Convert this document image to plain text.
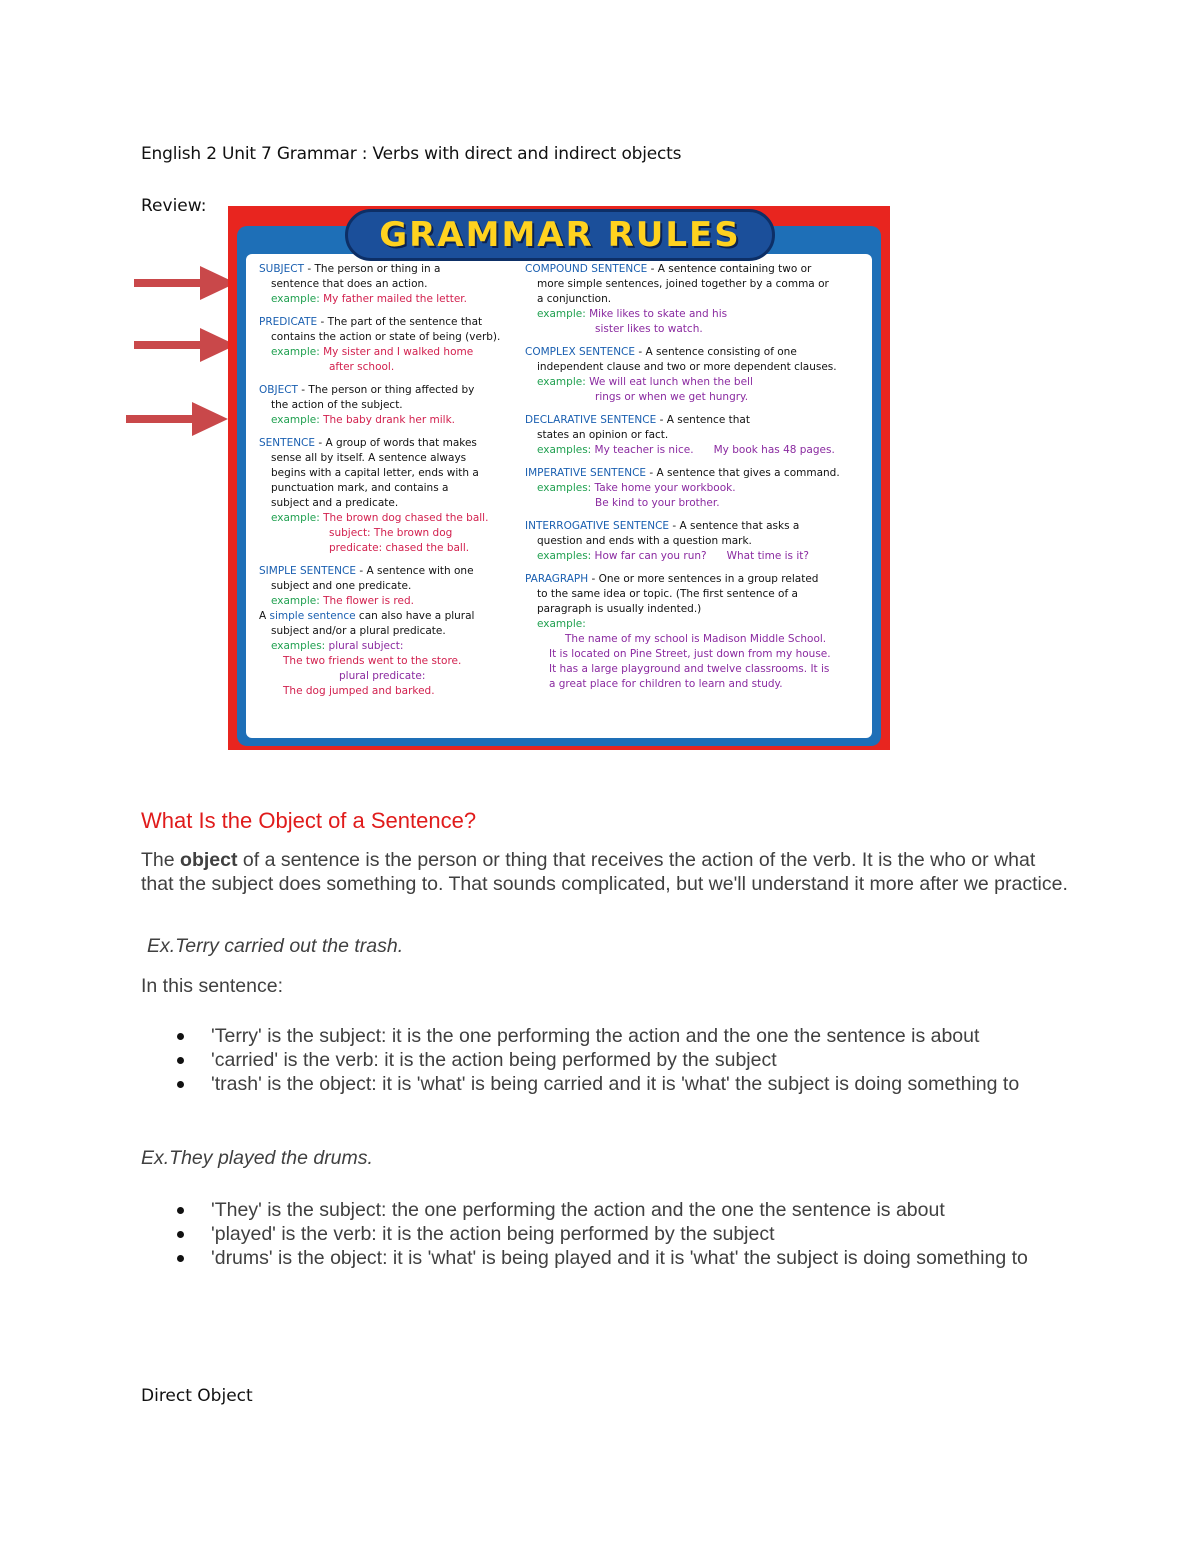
English 2 Unit 7 Grammar : Verbs with direct and indirect objects
Review:
GRAMMAR RULES
SUBJECT - The person or thing in a
sentence that does an action.
example: My father mailed the letter.
PREDICATE - The part of the sentence that
contains the action or state of being (verb).
example: My sister and I walked home
after school.
OBJECT - The person or thing affected by
the action of the subject.
example: The baby drank her milk.
SENTENCE - A group of words that makes
sense all by itself. A sentence always
begins with a capital letter, ends with a
punctuation mark, and contains a
subject and a predicate.
example: The brown dog chased the ball.
subject: The brown dog
predicate: chased the ball.
SIMPLE SENTENCE - A sentence with one
subject and one predicate.
example: The flower is red.
A simple sentence can also have a plural
subject and/or a plural predicate.
examples: plural subject:
The two friends went to the store.
plural predicate:
The dog jumped and barked.
COMPOUND SENTENCE - A sentence containing two or
more simple sentences, joined together by a comma or
a conjunction.
example: Mike likes to skate and his
sister likes to watch.
COMPLEX SENTENCE - A sentence consisting of one
independent clause and two or more dependent clauses.
example: We will eat lunch when the bell
rings or when we get hungry.
DECLARATIVE SENTENCE - A sentence that
states an opinion or fact.
examples: My teacher is nice. My book has 48 pages.
IMPERATIVE SENTENCE - A sentence that gives a command.
examples: Take home your workbook.
Be kind to your brother.
INTERROGATIVE SENTENCE - A sentence that asks a
question and ends with a question mark.
examples: How far can you run? What time is it?
PARAGRAPH - One or more sentences in a group related
to the same idea or topic. (The first sentence of a
paragraph is usually indented.)
example:
The name of my school is Madison Middle School.
It is located on Pine Street, just down from my house.
It has a large playground and twelve classrooms. It is
a great place for children to learn and study.
What Is the Object of a Sentence?
The object of a sentence is the person or thing that receives the action of the verb. It is the who or what that the subject does something to. That sounds complicated, but we'll understand it more after we practice.
Ex.Terry carried out the trash.
In this sentence:
'Terry' is the subject: it is the one performing the action and the one the sentence is about
'carried' is the verb: it is the action being performed by the subject
'trash' is the object: it is 'what' is being carried and it is 'what' the subject is doing something to
Ex.They played the drums.
'They' is the subject: the one performing the action and the one the sentence is about
'played' is the verb: it is the action being performed by the subject
'drums' is the object: it is 'what' is being played and it is 'what' the subject is doing something to
Direct Object
